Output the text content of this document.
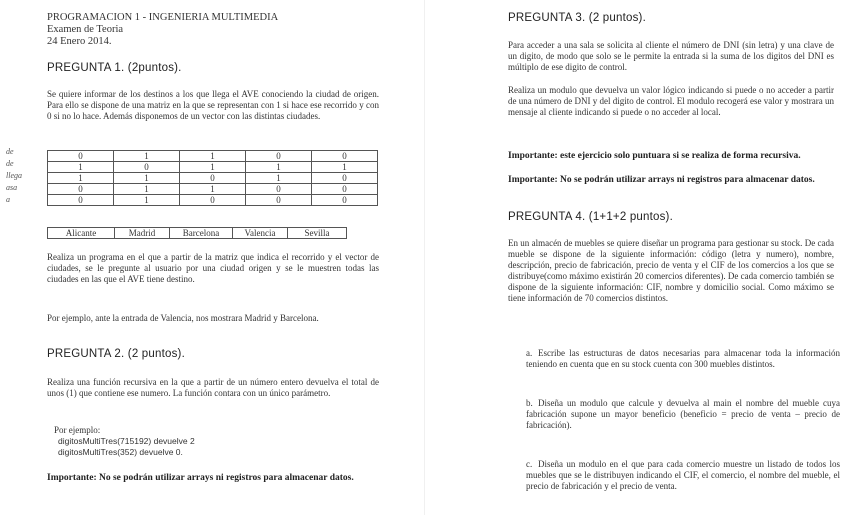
PROGRAMACION 1 - INGENIERIA MULTIMEDIA

Examen de Teoria

24 Enero 2014.

PREGUNTA 1. (2puntos).

Se quiere informar de los destinos a los que llega el AVE conociendo la ciudad de origen. Para ello se dispone de una matriz en la que se representan con 1 si hace ese recorrido y con 0 si no lo hace. Además disponemos de un vector con las distintas ciudades.

de
de
llega
asa
a
0	1	1	0	0
1	0	1	1	1
1	1	0	1	0
0	1	1	0	0
0	1	0	0	0
Alicante	Madrid	Barcelona	Valencia	Sevilla

Realiza un programa en el que a partir de la matriz que indica el recorrido y el vector de ciudades, se le pregunte al usuario por una ciudad origen y se le muestren todas las ciudades en las que el AVE tiene destino.

Por ejemplo, ante la entrada de Valencia, nos mostrara Madrid y Barcelona.

PREGUNTA 2. (2 puntos).

Realiza una función recursiva en la que a partir de un número entero devuelva el total de unos (1) que contiene ese numero. La función contara con un único parámetro.

Por ejemplo:

digitosMultiTres(715192) devuelve 2

digitosMultiTres(352) devuelve 0.

Importante: No se podrán utilizar arrays ni registros para almacenar datos.

PREGUNTA 3. (2 puntos).

Para acceder a una sala se solicita al cliente el número de DNI (sin letra) y una clave de un digito, de modo que solo se le permite la entrada si la suma de los digitos del DNI es múltiplo de ese digito de control.

Realiza un modulo que devuelva un valor lógico indicando si puede o no acceder a partir de una número de DNI y del digito de control. El modulo recogerá ese valor y mostrara un mensaje al cliente indicando si puede o no acceder al local.

Importante: este ejercicio solo puntuara si se realiza de forma recursiva.

Importante: No se podrán utilizar arrays ni registros para almacenar datos.

PREGUNTA 4. (1+1+2 puntos).

En un almacén de muebles se quiere diseñar un programa para gestionar su stock. De cada mueble se dispone de la siguiente información: código (letra y numero), nombre, descripción, precio de fabricación, precio de venta y el CIF de los comercios a los que se distribuye(como máximo existirán 20 comercios diferentes). De cada comercio también se dispone de la siguiente información: CIF, nombre y domicilio social. Como máximo se tiene información de 70 comercios distintos.

a. Escribe las estructuras de datos necesarias para almacenar toda la información teniendo en cuenta que en su stock cuenta con 300 muebles distintos.
b. Diseña un modulo que calcule y devuelva al main el nombre del mueble cuya fabricación supone un mayor beneficio (beneficio = precio de venta – precio de fabricación).
c. Diseña un modulo en el que para cada comercio muestre un listado de todos los muebles que se le distribuyen indicando el CIF, el comercio, el nombre del mueble, el precio de fabricación y el precio de venta.
